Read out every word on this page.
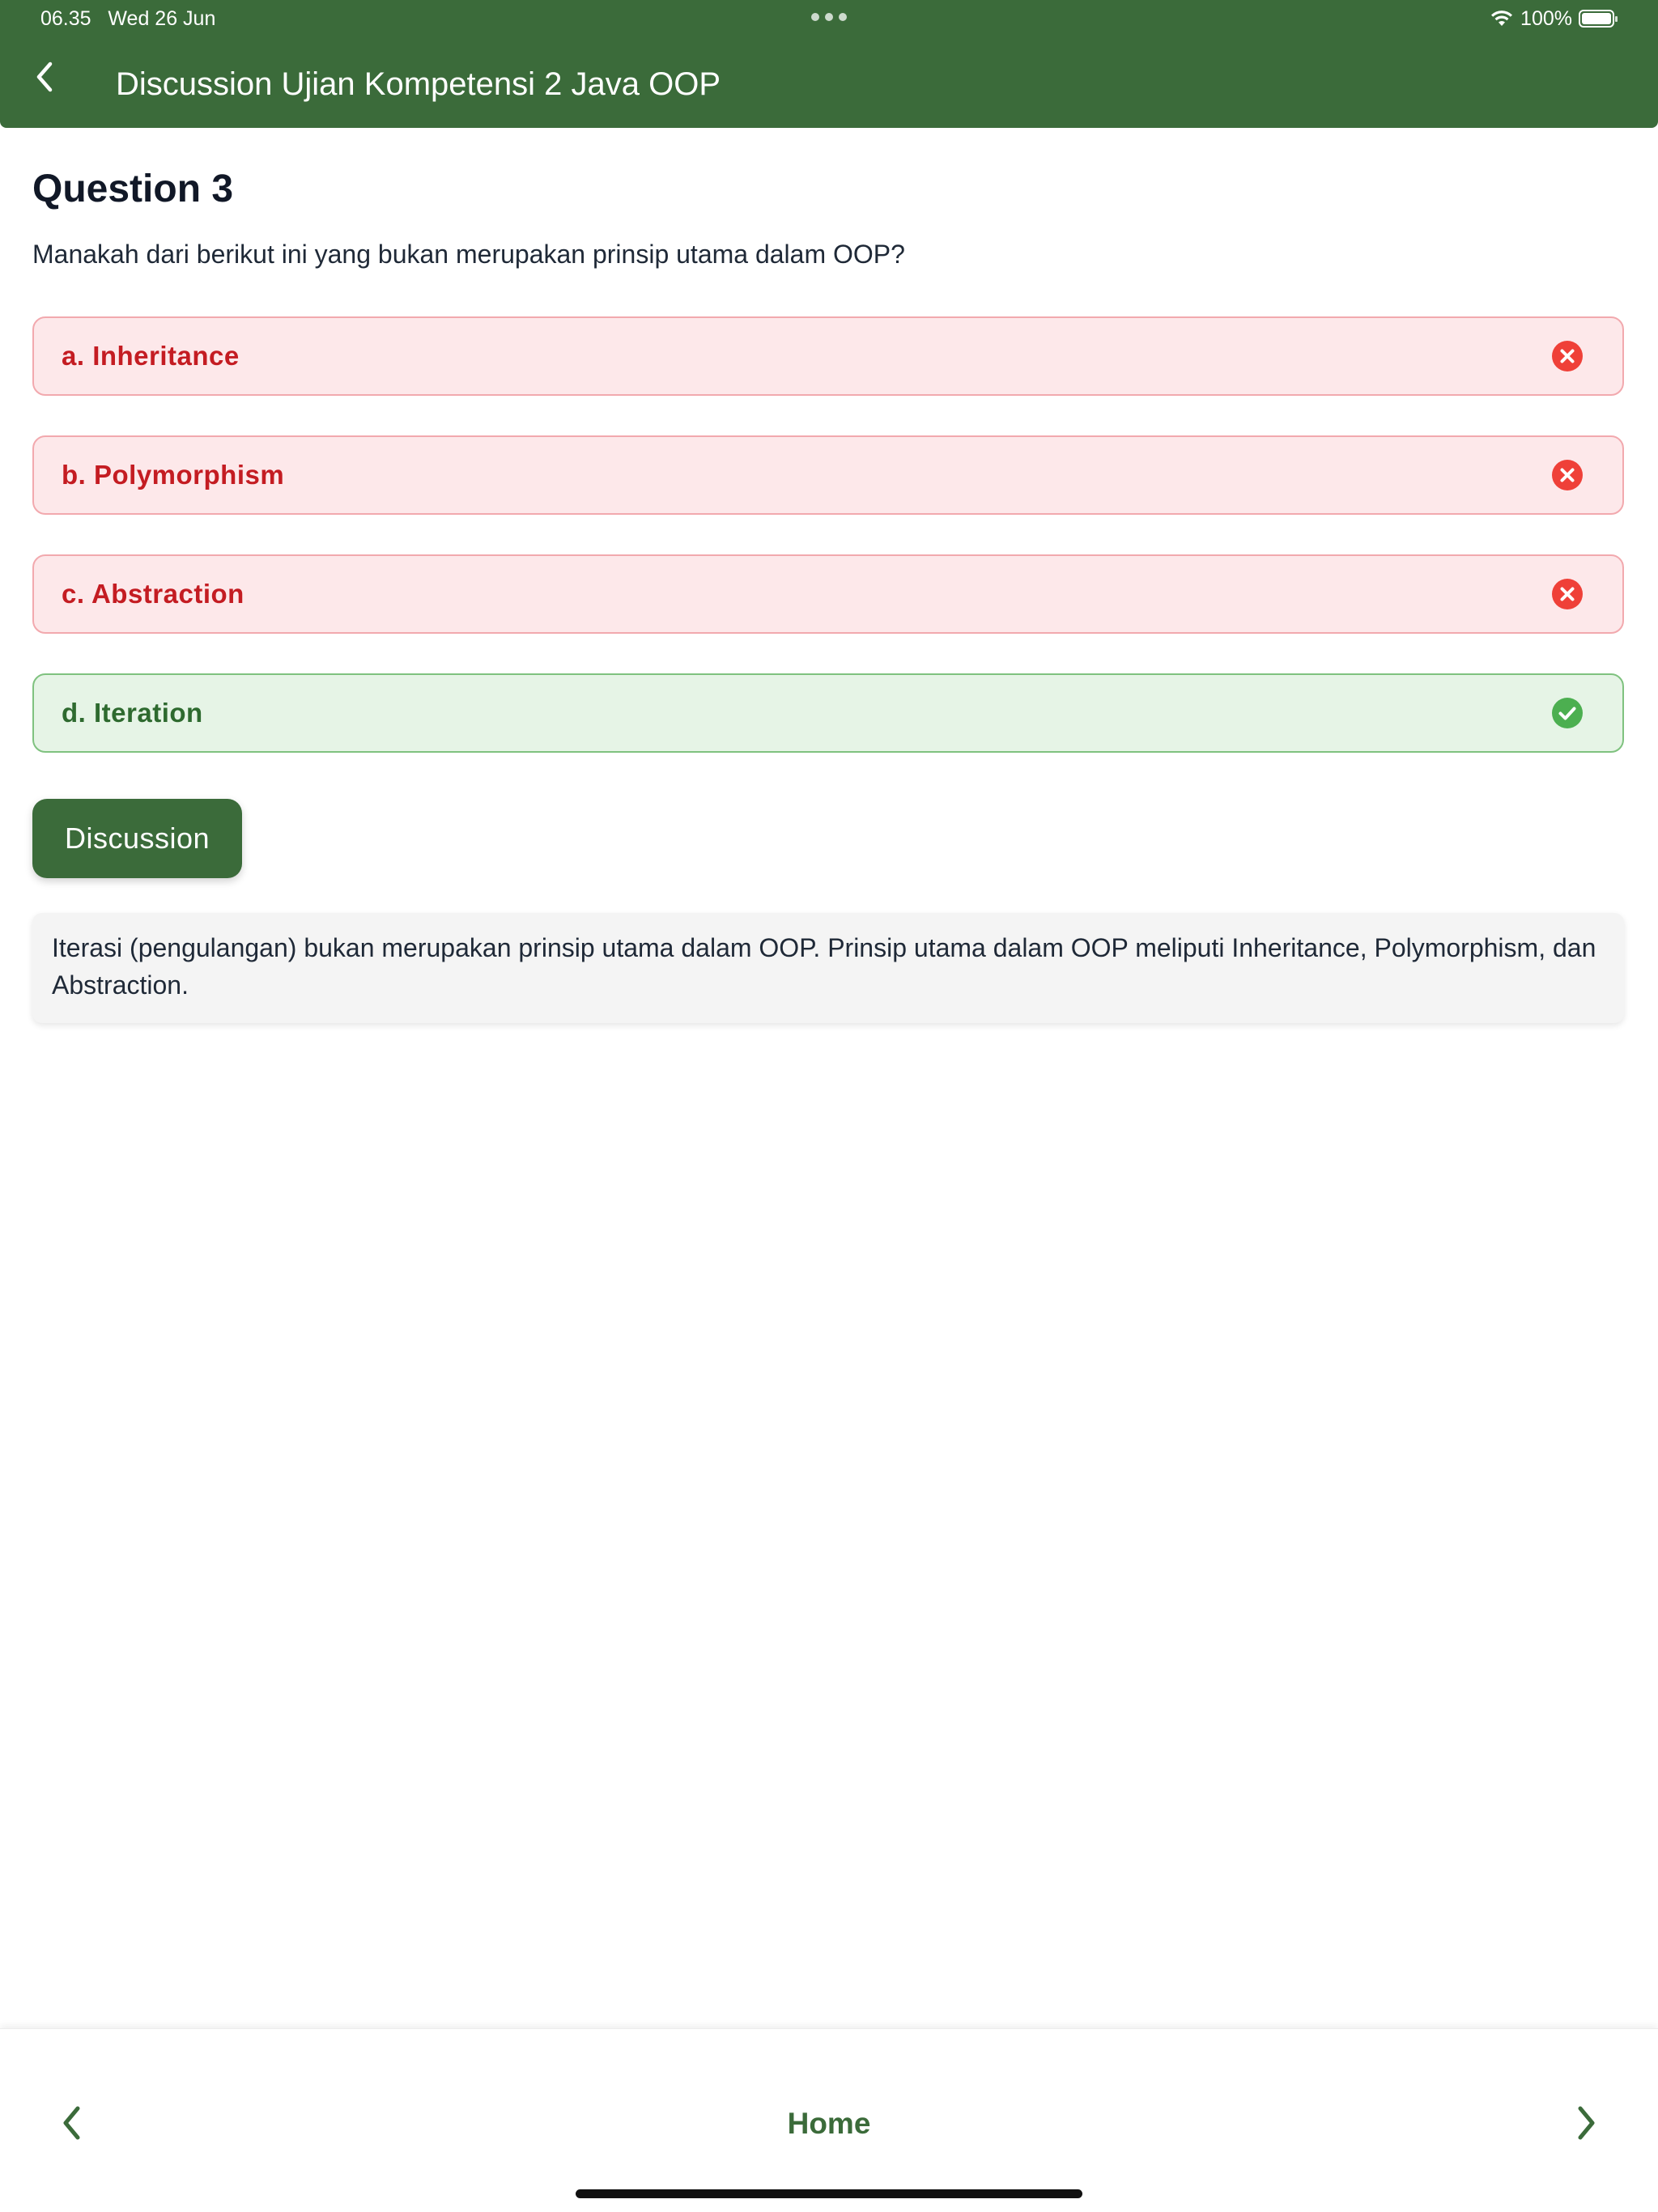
06.35 Wed 26 Jun	100%
Discussion Ujian Kompetensi 2 Java OOP
Question 3
Manakah dari berikut ini yang bukan merupakan prinsip utama dalam OOP?
a. Inheritance
b. Polymorphism
c. Abstraction
d. Iteration
Discussion
Iterasi (pengulangan) bukan merupakan prinsip utama dalam OOP. Prinsip utama dalam OOP meliputi Inheritance, Polymorphism, dan Abstraction.
Home
